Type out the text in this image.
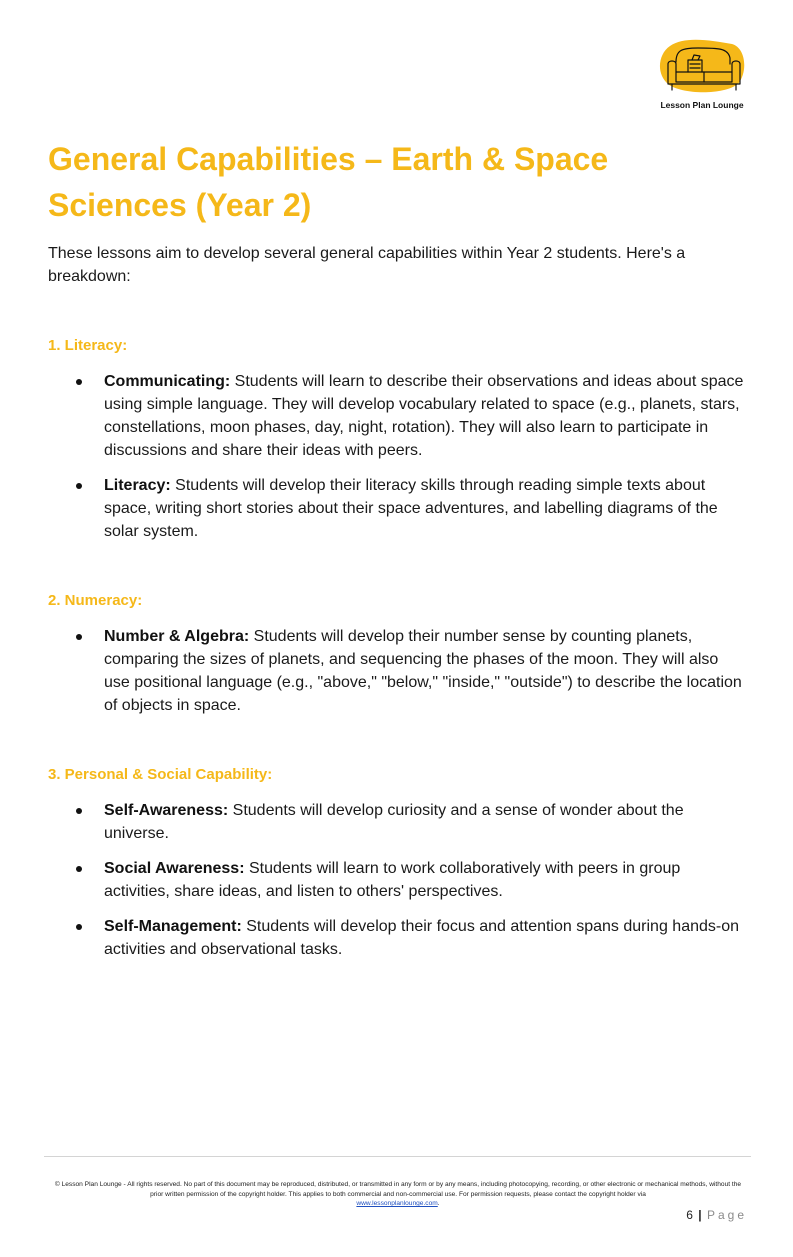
Lesson Plan Lounge
General Capabilities – Earth & Space Sciences (Year 2)

These lessons aim to develop several general capabilities within Year 2 students. Here's a breakdown:

1. Literacy:
Communicating: Students will learn to describe their observations and ideas about space using simple language. They will develop vocabulary related to space (e.g., planets, stars, constellations, moon phases, day, night, rotation). They will also learn to participate in discussions and share their ideas with peers.
Literacy: Students will develop their literacy skills through reading simple texts about space, writing short stories about their space adventures, and labelling diagrams of the solar system.
2. Numeracy:
Number & Algebra: Students will develop their number sense by counting planets, comparing the sizes of planets, and sequencing the phases of the moon. They will also use positional language (e.g., "above," "below," "inside," "outside") to describe the location of objects in space.
3. Personal & Social Capability:
Self-Awareness: Students will develop curiosity and a sense of wonder about the universe.
Social Awareness: Students will learn to work collaboratively with peers in group activities, share ideas, and listen to others' perspectives.
Self-Management: Students will develop their focus and attention spans during hands-on activities and observational tasks.

© Lesson Plan Lounge - All rights reserved. No part of this document may be reproduced, distributed, or transmitted in any form or by any means, including photocopying, recording, or other electronic or mechanical methods, without the prior written permission of the copyright holder. This applies to both commercial and non-commercial use. For permission requests, please contact the copyright holder via
www.lessonplanlounge.com.

6 | Page
